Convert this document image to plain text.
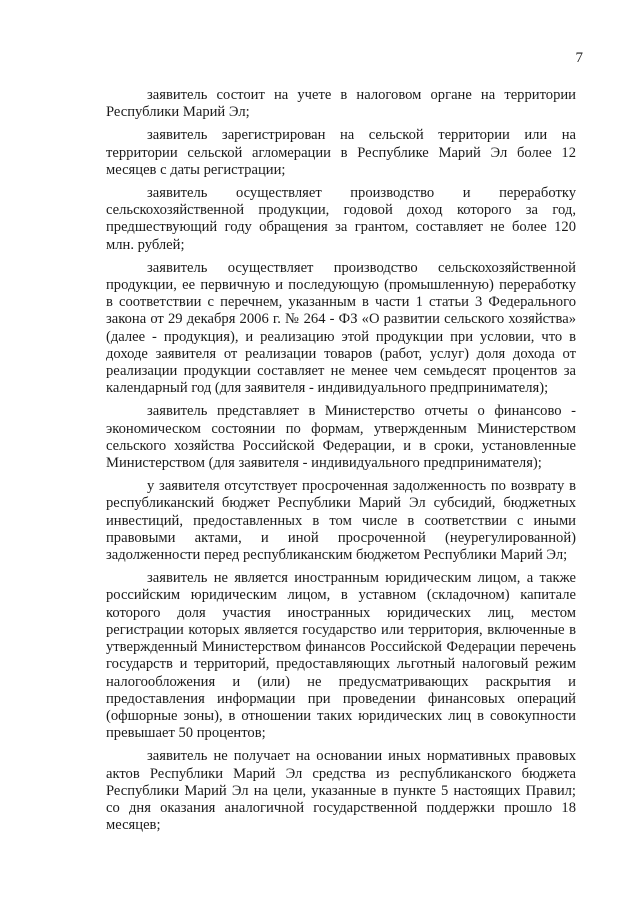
7

заявитель состоит на учете в налоговом органе на территории Республики Марий Эл;

заявитель зарегистрирован на сельской территории или на территории сельской агломерации в Республике Марий Эл более 12 месяцев с даты регистрации;

заявитель осуществляет производство и переработку сельскохозяйственной продукции, годовой доход которого за год, предшествующий году обращения за грантом, составляет не более 120 млн. рублей;

заявитель осуществляет производство сельскохозяйственной продукции, ее первичную и последующую (промышленную) переработку в соответствии с перечнем, указанным в части 1 статьи 3 Федерального закона от 29 декабря 2006 г. № 264 - ФЗ «О развитии сельского хозяйства» (далее - продукция), и реализацию этой продукции при условии, что в доходе заявителя от реализации товаров (работ, услуг) доля дохода от реализации продукции составляет не менее чем семьдесят процентов за календарный год (для заявителя - индивидуального предпринимателя);

заявитель представляет в Министерство отчеты о финансово - экономическом состоянии по формам, утвержденным Министерством сельского хозяйства Российской Федерации, и в сроки, установленные Министерством (для заявителя - индивидуального предпринимателя);

у заявителя отсутствует просроченная задолженность по возврату в республиканский бюджет Республики Марий Эл субсидий, бюджетных инвестиций, предоставленных в том числе в соответствии с иными правовыми актами, и иной просроченной (неурегулированной) задолженности перед республиканским бюджетом Республики Марий Эл;

заявитель не является иностранным юридическим лицом, а также российским юридическим лицом, в уставном (складочном) капитале которого доля участия иностранных юридических лиц, местом регистрации которых является государство или территория, включенные в утвержденный Министерством финансов Российской Федерации перечень государств и территорий, предоставляющих льготный налоговый режим налогообложения и (или) не предусматривающих раскрытия и предоставления информации при проведении финансовых операций (офшорные зоны), в отношении таких юридических лиц в совокупности превышает 50 процентов;

заявитель не получает на основании иных нормативных правовых актов Республики Марий Эл средства из республиканского бюджета Республики Марий Эл на цели, указанные в пункте 5 настоящих Правил; со дня оказания аналогичной государственной поддержки прошло 18 месяцев;
